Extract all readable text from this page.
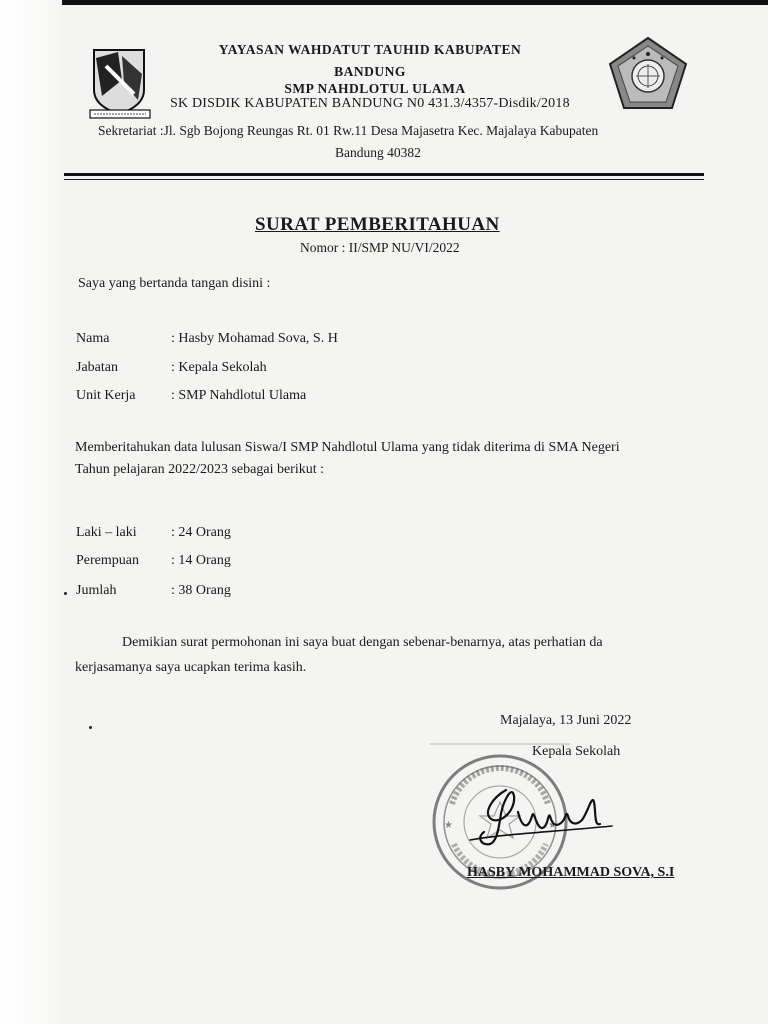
YAYASAN WAHDATUT TAUHID KABUPATEN
BANDUNG
SMP NAHDLOTUL ULAMA
SK DISDIK KABUPATEN BANDUNG N0 431.3/4357-Disdik/2018
Sekretariat :Jl. Sgb Bojong Reungas Rt. 01 Rw.11 Desa Majasetra Kec. Majalaya Kabupaten
Bandung 40382
SURAT PEMBERITAHUAN
Nomor : II/SMP NU/VI/2022
Saya yang bertanda tangan disini :
Nama	: Hasby Mohamad Sova, S. H
Jabatan	: Kepala Sekolah
Unit Kerja	: SMP Nahdlotul Ulama
Memberitahukan data lulusan Siswa/I SMP Nahdlotul Ulama yang tidak diterima di SMA Negeri
Tahun pelajaran 2022/2023 sebagai berikut :
Laki – laki : 24 Orang
Perempuan : 14 Orang
Jumlah	: 38 Orang
Demikian surat permohonan ini saya buat dengan sebenar-benarnya, atas perhatian da
kerjasamanya saya ucapkan terima kasih.
★	★
Majalaya, 13 Juni 2022
Kepala Sekolah
HASBY MOHAMMAD SOVA, S.I
